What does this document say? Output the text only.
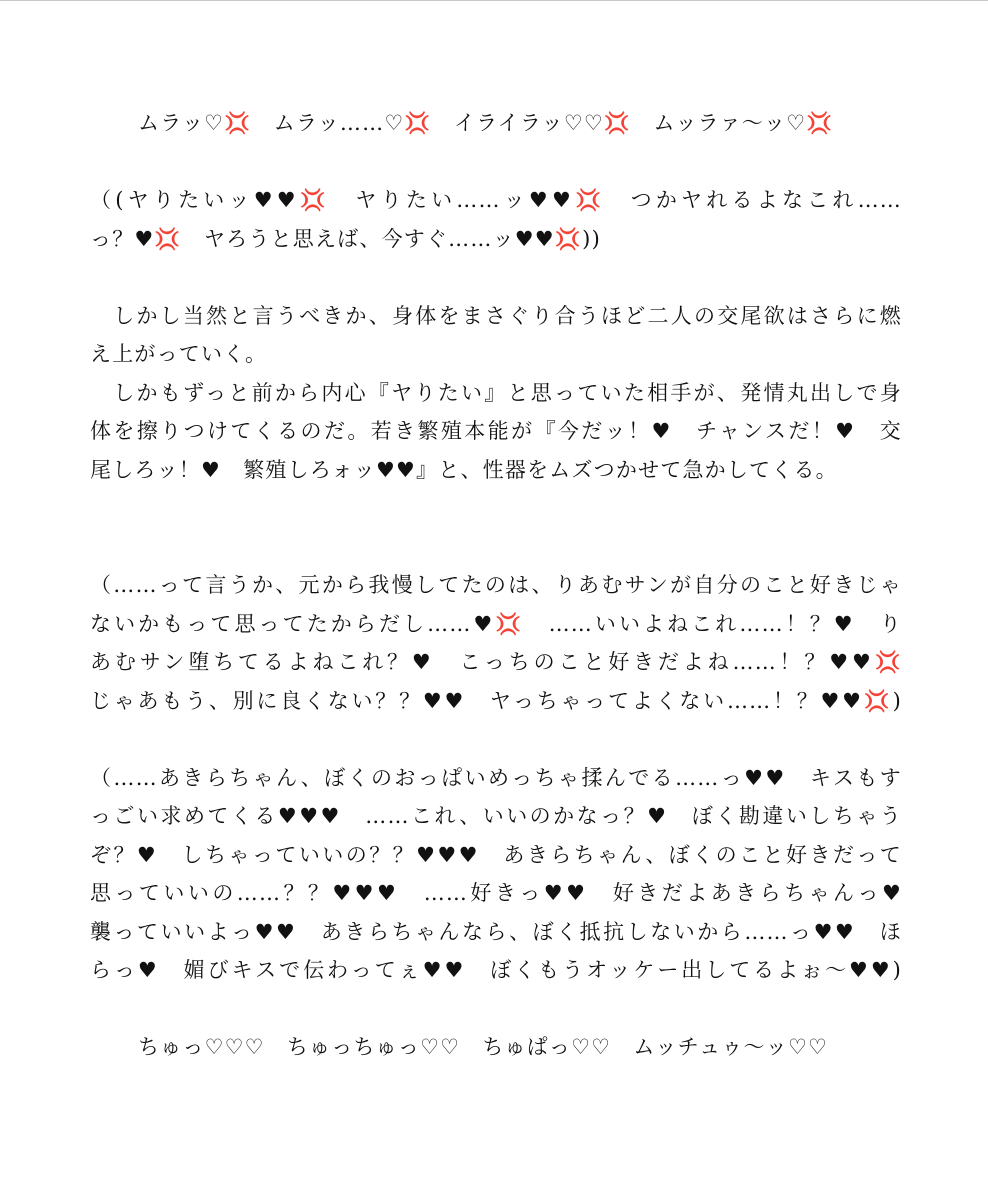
ムラッ♡💢　ムラッ……♡💢　イライラッ♡♡💢　ムッラァ〜ッ♡💢
（(ヤりたいッ♥♥💢　ヤりたい……ッ♥♥💢　つかヤれるよなこれ……
っ？♥💢　ヤろうと思えば、今すぐ……ッ♥♥💢))
　しかし当然と言うべきか、身体をまさぐり合うほど二人の交尾欲はさらに燃
え上がっていく。
　しかもずっと前から内心『ヤりたい』と思っていた相手が、発情丸出しで身
体を擦りつけてくるのだ。若き繁殖本能が『今だッ！♥　チャンスだ！♥　交
尾しろッ！♥　繁殖しろォッ♥♥』と、性器をムズつかせて急かしてくる。
（……って言うか、元から我慢してたのは、りあむサンが自分のこと好きじゃ
ないかもって思ってたからだし……♥💢　……いいよねこれ……！？♥　り
あむサン堕ちてるよねこれ？♥　こっちのこと好きだよね……！？♥♥💢
じゃあもう、別に良くない？？♥♥　ヤっちゃってよくない……！？♥♥💢)
（……あきらちゃん、ぼくのおっぱいめっちゃ揉んでる……っ♥♥　キスもす
っごい求めてくる♥♥♥　……これ、いいのかなっ？♥　ぼく勘違いしちゃう
ぞ？♥　しちゃっていいの？？♥♥♥　あきらちゃん、ぼくのこと好きだって
思っていいの……？？♥♥♥　……好きっ♥♥　好きだよあきらちゃんっ♥
襲っていいよっ♥♥　あきらちゃんなら、ぼく抵抗しないから……っ♥♥　ほ
らっ♥　媚びキスで伝わってぇ♥♥　ぼくもうオッケー出してるよぉ〜♥♥)
ちゅっ♡♡♡　ちゅっちゅっ♡♡　ちゅぱっ♡♡　ムッチュゥ〜ッ♡♡
